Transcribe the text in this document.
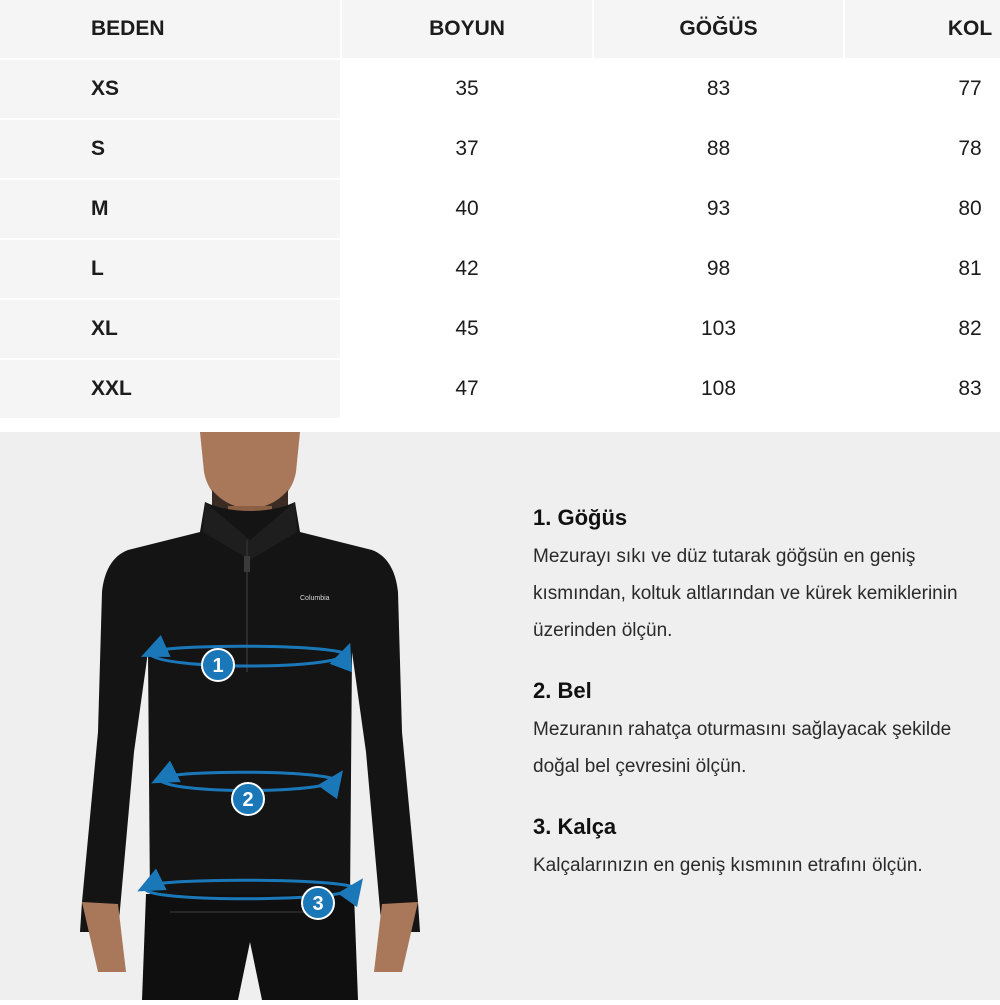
BEDEN	BOYUN	GÖĞÜS	KOL
XS	35	83	77
S	37	88	78
M	40	93	80
L	42	98	81
XL	45	103	82
XXL	47	108	83
Columbia
1
2
3

1. Göğüs

Mezurayı sıkı ve düz tutarak göğsün en geniş kısmından, koltuk altlarından ve kürek kemiklerinin üzerinden ölçün.

2. Bel

Mezuranın rahatça oturmasını sağlayacak şekilde doğal bel çevresini ölçün.

3. Kalça

Kalçalarınızın en geniş kısmının etrafını ölçün.
